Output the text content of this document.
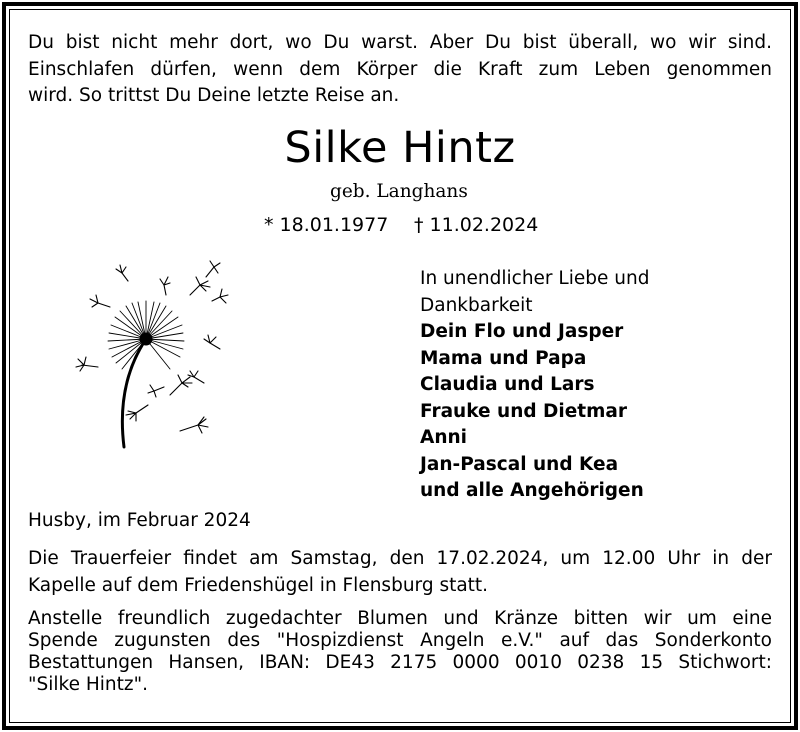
Du bist nicht mehr dort, wo Du warst. Aber Du bist überall, wo wir sind.
Einschlafen dürfen, wenn dem Körper die Kraft zum Leben genommen
wird. So trittst Du Deine letzte Reise an.
Silke Hintz
geb. Langhans
* 18.01.1977 † 11.02.2024
In unendlicher Liebe und
Dankbarkeit
Dein Flo und Jasper
Mama und Papa
Claudia und Lars
Frauke und Dietmar
Anni
Jan-Pascal und Kea
und alle Angehörigen
Husby, im Februar 2024
Die Trauerfeier findet am Samstag, den 17.02.2024, um 12.00 Uhr in der
Kapelle auf dem Friedenshügel in Flensburg statt.
Anstelle freundlich zugedachter Blumen und Kränze bitten wir um eine
Spende zugunsten des "Hospizdienst Angeln e.V." auf das Sonderkonto
Bestattungen Hansen, IBAN: DE43 2175 0000 0010 0238 15 Stichwort:
"Silke Hintz".
